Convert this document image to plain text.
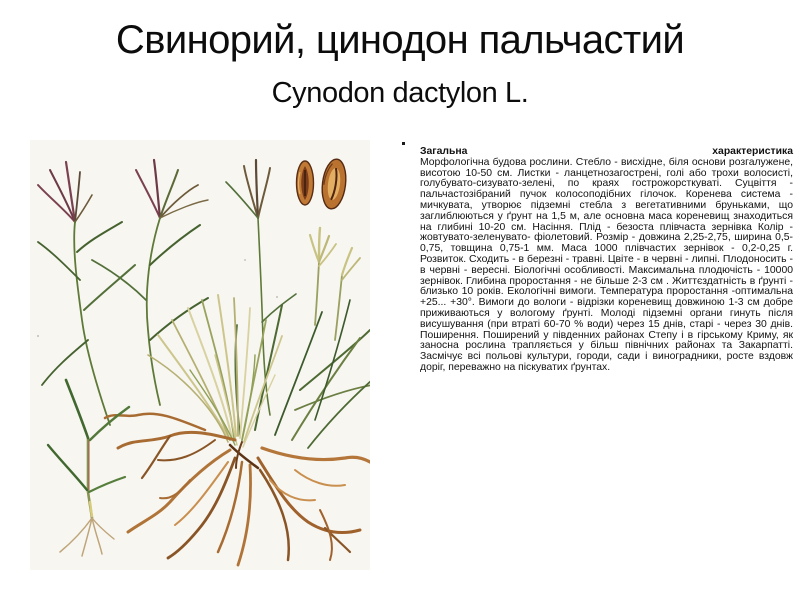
Свинорий, цинодон пальчастий
Cynodon dactylon L.
Загальна	характеристика
Морфологічна будова рослини. Стебло - висхідне, біля основи розгалужене, висотою 10-50 см. Листки - ланцетнозагострені, голі або трохи волосисті, голубувато-сизувато-зелені, по краях гострожорсткуваті. Суцвіття - пальчастозібраний пучок колосоподібних гілочок. Коренева система - мичкувата, утворює підземні стебла з вегетативними бруньками, що заглиблюються у ґрунт на 1,5 м, але основна маса кореневищ знаходиться на глибині 10-20 см. Насіння. Плід - безоста плівчаста зернівка Колір - жовтувато-зеленувато- фіолетовий. Розмір - довжина 2,25-2,75, ширина 0,5-0,75, товщина 0,75-1 мм. Маса 1000 плівчастих зернівок - 0,2-0,25 г. Розвиток. Сходить - в березні - травні. Цвіте - в червні - липні. Плодоносить - в червні - вересні. Біологічні особливості. Максимальна плодючість - 10000 зернівок. Глибина проростання - не більше 2-3 см . Життєздатність в ґрунті - близько 10 років. Екологічні вимоги. Температура проростання -оптимальна +25... +30°. Вимоги до вологи - відрізки кореневищ довжиною 1-3 см добре приживаються у вологому ґрунті. Молоді підземні органи гинуть після висушування (при втраті 60-70 % води) через 15 днів, старі - через 30 днів. Поширення. Поширений у південних районах Степу і в гірському Криму, як заносна рослина трапляється у більш північних районах та Закарпатті. Засмічує всі польові культури, городи, сади і виноградники, росте вздовж доріг, переважно на піскуватих ґрунтах.
